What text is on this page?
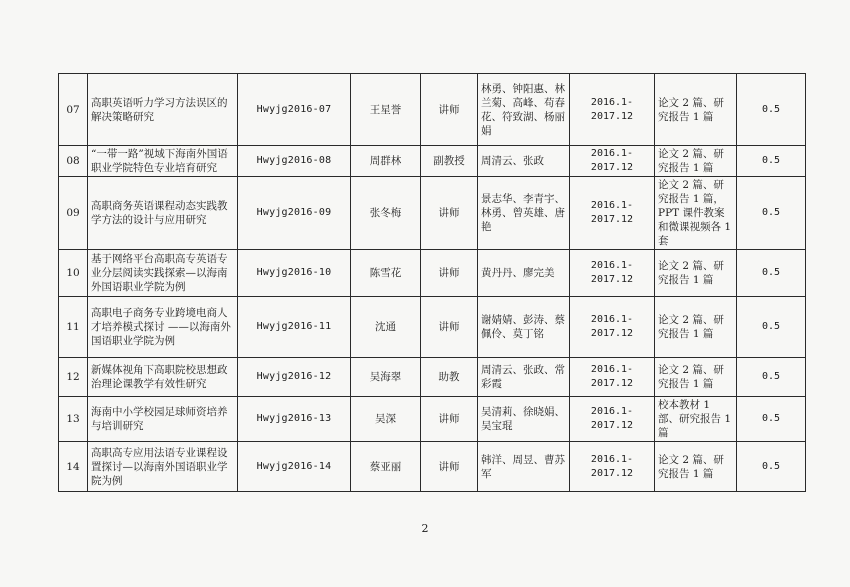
07	高职英语听力学习方法误区的解决策略研究	Hwyjg2016-07	王星誉	讲师	林勇、钟阳惠、林兰菊、高峰、苟春花、符致湖、杨丽娟	2016.1-2017.12	论文 2 篇、研究报告 1 篇	0.5
08	“一带一路”视域下海南外国语职业学院特色专业培育研究	Hwyjg2016-08	周群林	副教授	周清云、张政	2016.1-2017.12	论文 2 篇、研究报告 1 篇	0.5
09	高职商务英语课程动态实践教学方法的设计与应用研究	Hwyjg2016-09	张冬梅	讲师	景志华、李青宇、林勇、曾英雄、唐艳	2016.1-2017.12	论文 2 篇、研究报告 1 篇，PPT 课件教案和微课视频各 1 套	0.5
10	基于网络平台高职高专英语专业分层阅读实践探索—以海南外国语职业学院为例	Hwyjg2016-10	陈雪花	讲师	黄丹丹、廖完美	2016.1-2017.12	论文 2 篇、研究报告 1 篇	0.5
11	高职电子商务专业跨境电商人才培养模式探讨 ——以海南外国语职业学院为例	Hwyjg2016-11	沈通	讲师	谢婧婧、彭涛、蔡佩伶、莫丁铭	2016.1-2017.12	论文 2 篇、研究报告 1 篇	0.5
12	新媒体视角下高职院校思想政治理论课教学有效性研究	Hwyjg2016-12	吴海翠	助教	周清云、张政、常彩霞	2016.1-2017.12	论文 2 篇、研究报告 1 篇	0.5
13	海南中小学校园足球师资培养与培训研究	Hwyjg2016-13	吴深	讲师	吴清莉、徐晓娟、吴宝琨	2016.1-2017.12	校本教材 1 部、研究报告 1 篇	0.5
14	高职高专应用法语专业课程设置探讨—以海南外国语职业学院为例	Hwyjg2016-14	蔡亚丽	讲师	韩洋、周昱、曹苏军	2016.1-2017.12	论文 2 篇、研究报告 1 篇	0.5
2
